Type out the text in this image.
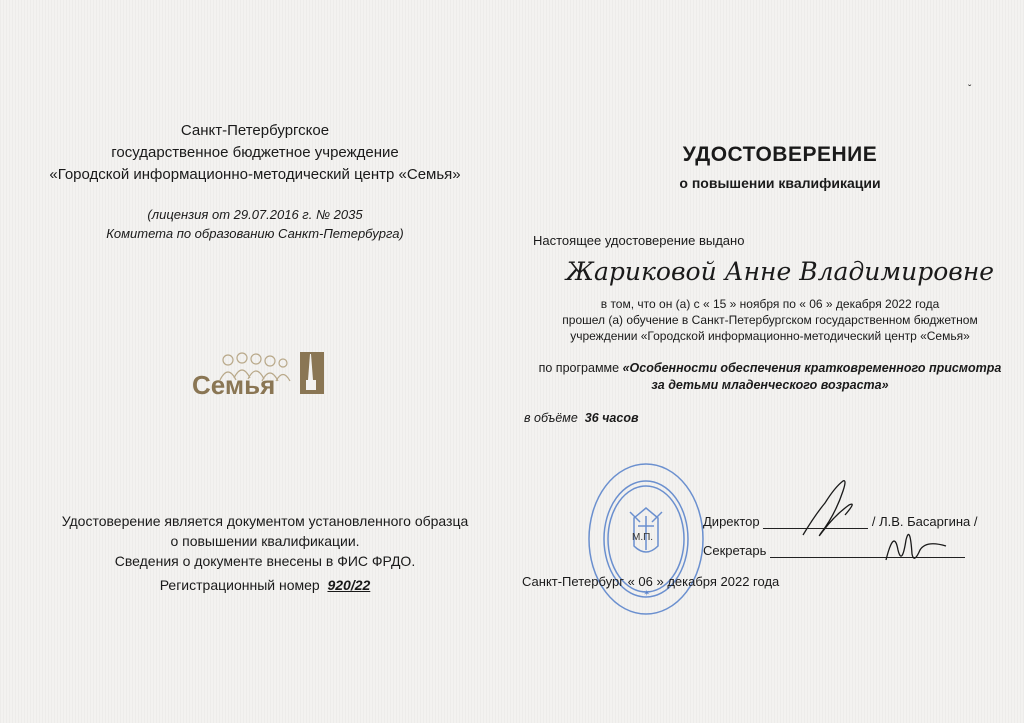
Санкт-Петербургское
государственное бюджетное учреждение
«Городской информационно-методический центр «Семья»
(лицензия от 29.07.2016 г. № 2035
Комитета по образованию Санкт-Петербурга)
Семья
Удостоверение является документом установленного образца
о повышении квалификации.
Сведения о документе внесены в ФИС ФРДО.
Регистрационный номер 920/22
УДОСТОВЕРЕНИЕ
о повышении квалификации
Настоящее удостоверение выдано
Жариковой Анне Владимировне
в том, что он (а) с « 15 » ноября по « 06 » декабря 2022 года
прошел (а) обучение в Санкт-Петербургском государственном бюджетном
учреждении «Городской информационно-методический центр «Семья»
по программе «Особенности обеспечения кратковременного присмотра
за детьми младенческого возраста»
в объёме 36 часов
М.П.
✶
Директор	/ Л.В. Басаргина /
Секретарь
Санкт-Петербург « 06 » декабря 2022 года
ˇ
